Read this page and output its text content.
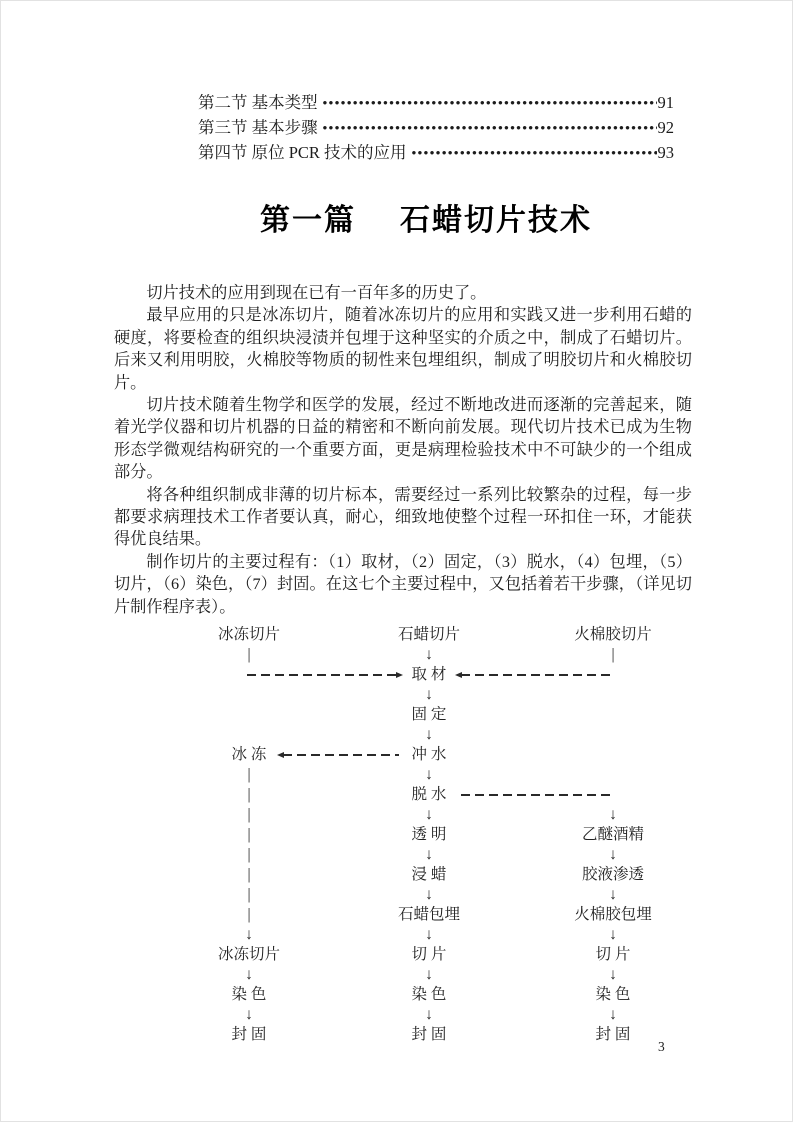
第二节 基本类型 •••••	91
第三节 基本步骤 •••••	92
第四节 原位 PCR 技术的应用 •••••	93
第一篇 石蜡切片技术

切片技术的应用到现在已有一百年多的历史了。

最早应用的只是冰冻切片，随着冰冻切片的应用和实践又进一步利用石蜡的硬度，将要检查的组织块浸渍并包埋于这种坚实的介质之中，制成了石蜡切片。后来又利用明胶，火棉胶等物质的韧性来包埋组织，制成了明胶切片和火棉胶切片。

切片技术随着生物学和医学的发展，经过不断地改进而逐渐的完善起来，随着光学仪器和切片机器的日益的精密和不断向前发展。现代切片技术已成为生物形态学微观结构研究的一个重要方面，更是病理检验技术中不可缺少的一个组成部分。

将各种组织制成非薄的切片标本，需要经过一系列比较繁杂的过程，每一步都要求病理技术工作者要认真，耐心，细致地使整个过程一环扣住一环，才能获得优良结果。

制作切片的主要过程有：（1）取材，（2）固定，（3）脱水，（4）包埋，（5）切片，（6）染色，（7）封固。在这七个主要过程中，又包括着若干步骤，（详见切片制作程序表）。

冰冻切片	石蜡切片	火棉胶切片
|	↓	|
取 材
↓
固 定
↓
冰 冻	冲 水
|	↓
|	脱 水
|	↓	↓
|	透 明	乙醚酒精
|	↓	↓
|	浸 蜡	胶液渗透
|	↓	↓
|	石蜡包埋	火棉胶包埋
↓	↓	↓
冰冻切片	切 片	切 片
↓	↓	↓
染 色	染 色	染 色
↓	↓	↓
封 固	封 固	封 固
3
